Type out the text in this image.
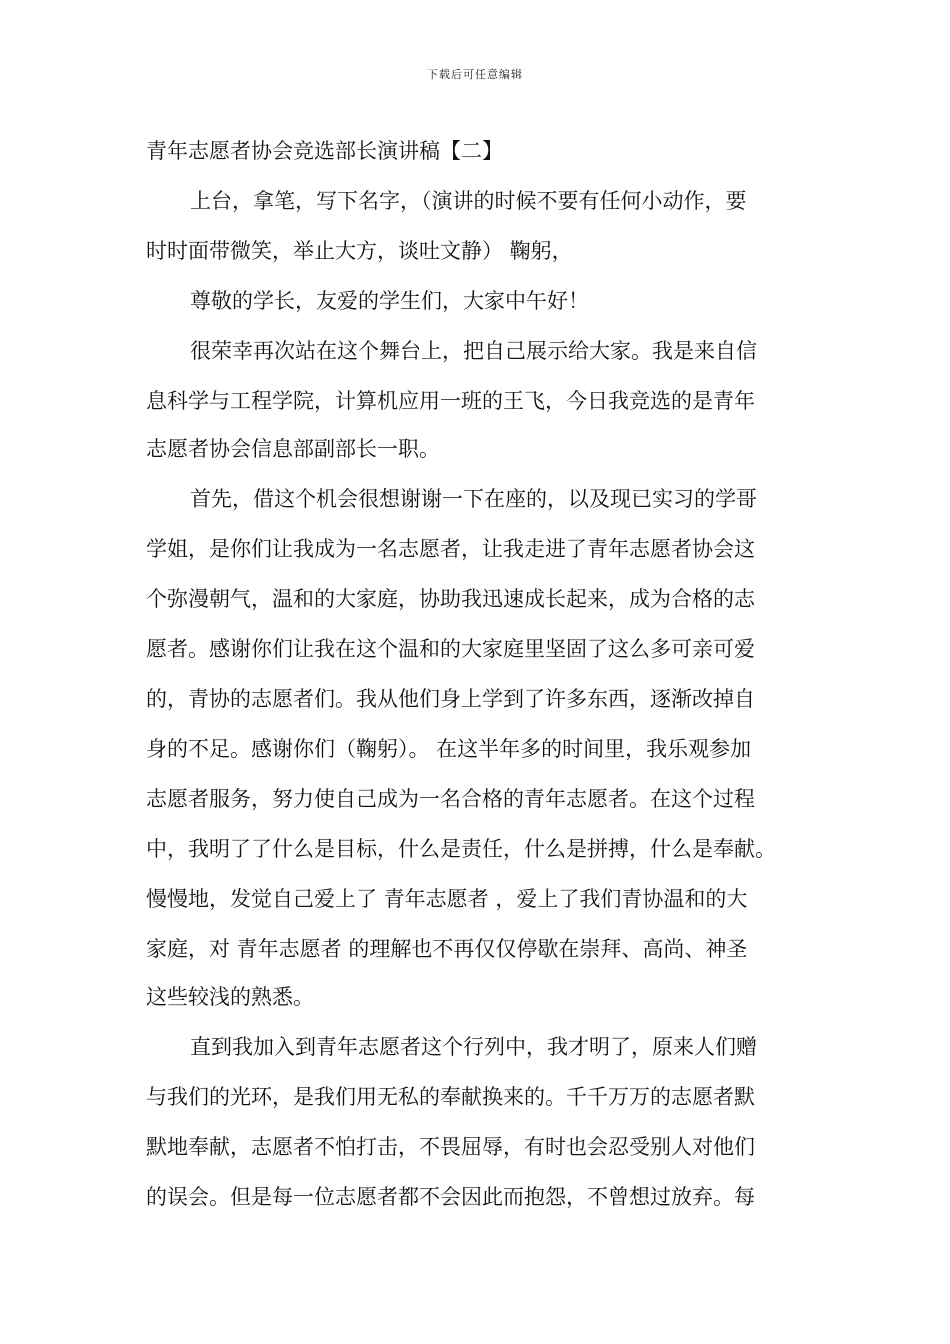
下载后可任意编辑
青年志愿者协会竞选部长演讲稿【二】
上台，拿笔，写下名字，（演讲的时候不要有任何小动作，要
时时面带微笑，举止大方，谈吐文静） 鞠躬，
尊敬的学长，友爱的学生们，大家中午好！
很荣幸再次站在这个舞台上，把自己展示给大家。我是来自信
息科学与工程学院，计算机应用一班的王飞，今日我竞选的是青年
志愿者协会信息部副部长一职。
首先，借这个机会很想谢谢一下在座的，以及现已实习的学哥
学姐，是你们让我成为一名志愿者，让我走进了青年志愿者协会这
个弥漫朝气，温和的大家庭，协助我迅速成长起来，成为合格的志
愿者。感谢你们让我在这个温和的大家庭里坚固了这么多可亲可爱
的，青协的志愿者们。我从他们身上学到了许多东西，逐渐改掉自
身的不足。感谢你们（鞠躬）。 在这半年多的时间里，我乐观参加
志愿者服务，努力使自己成为一名合格的青年志愿者。在这个过程
中，我明了了什么是目标，什么是责任，什么是拼搏，什么是奉献。
慢慢地，发觉自己爱上了 青年志愿者 ，爱上了我们青协温和的大
家庭，对 青年志愿者 的理解也不再仅仅停歇在崇拜、高尚、神圣
这些较浅的熟悉。
直到我加入到青年志愿者这个行列中，我才明了，原来人们赠
与我们的光环，是我们用无私的奉献换来的。千千万万的志愿者默
默地奉献，志愿者不怕打击，不畏屈辱，有时也会忍受别人对他们
的误会。但是每一位志愿者都不会因此而抱怨，不曾想过放弃。每
